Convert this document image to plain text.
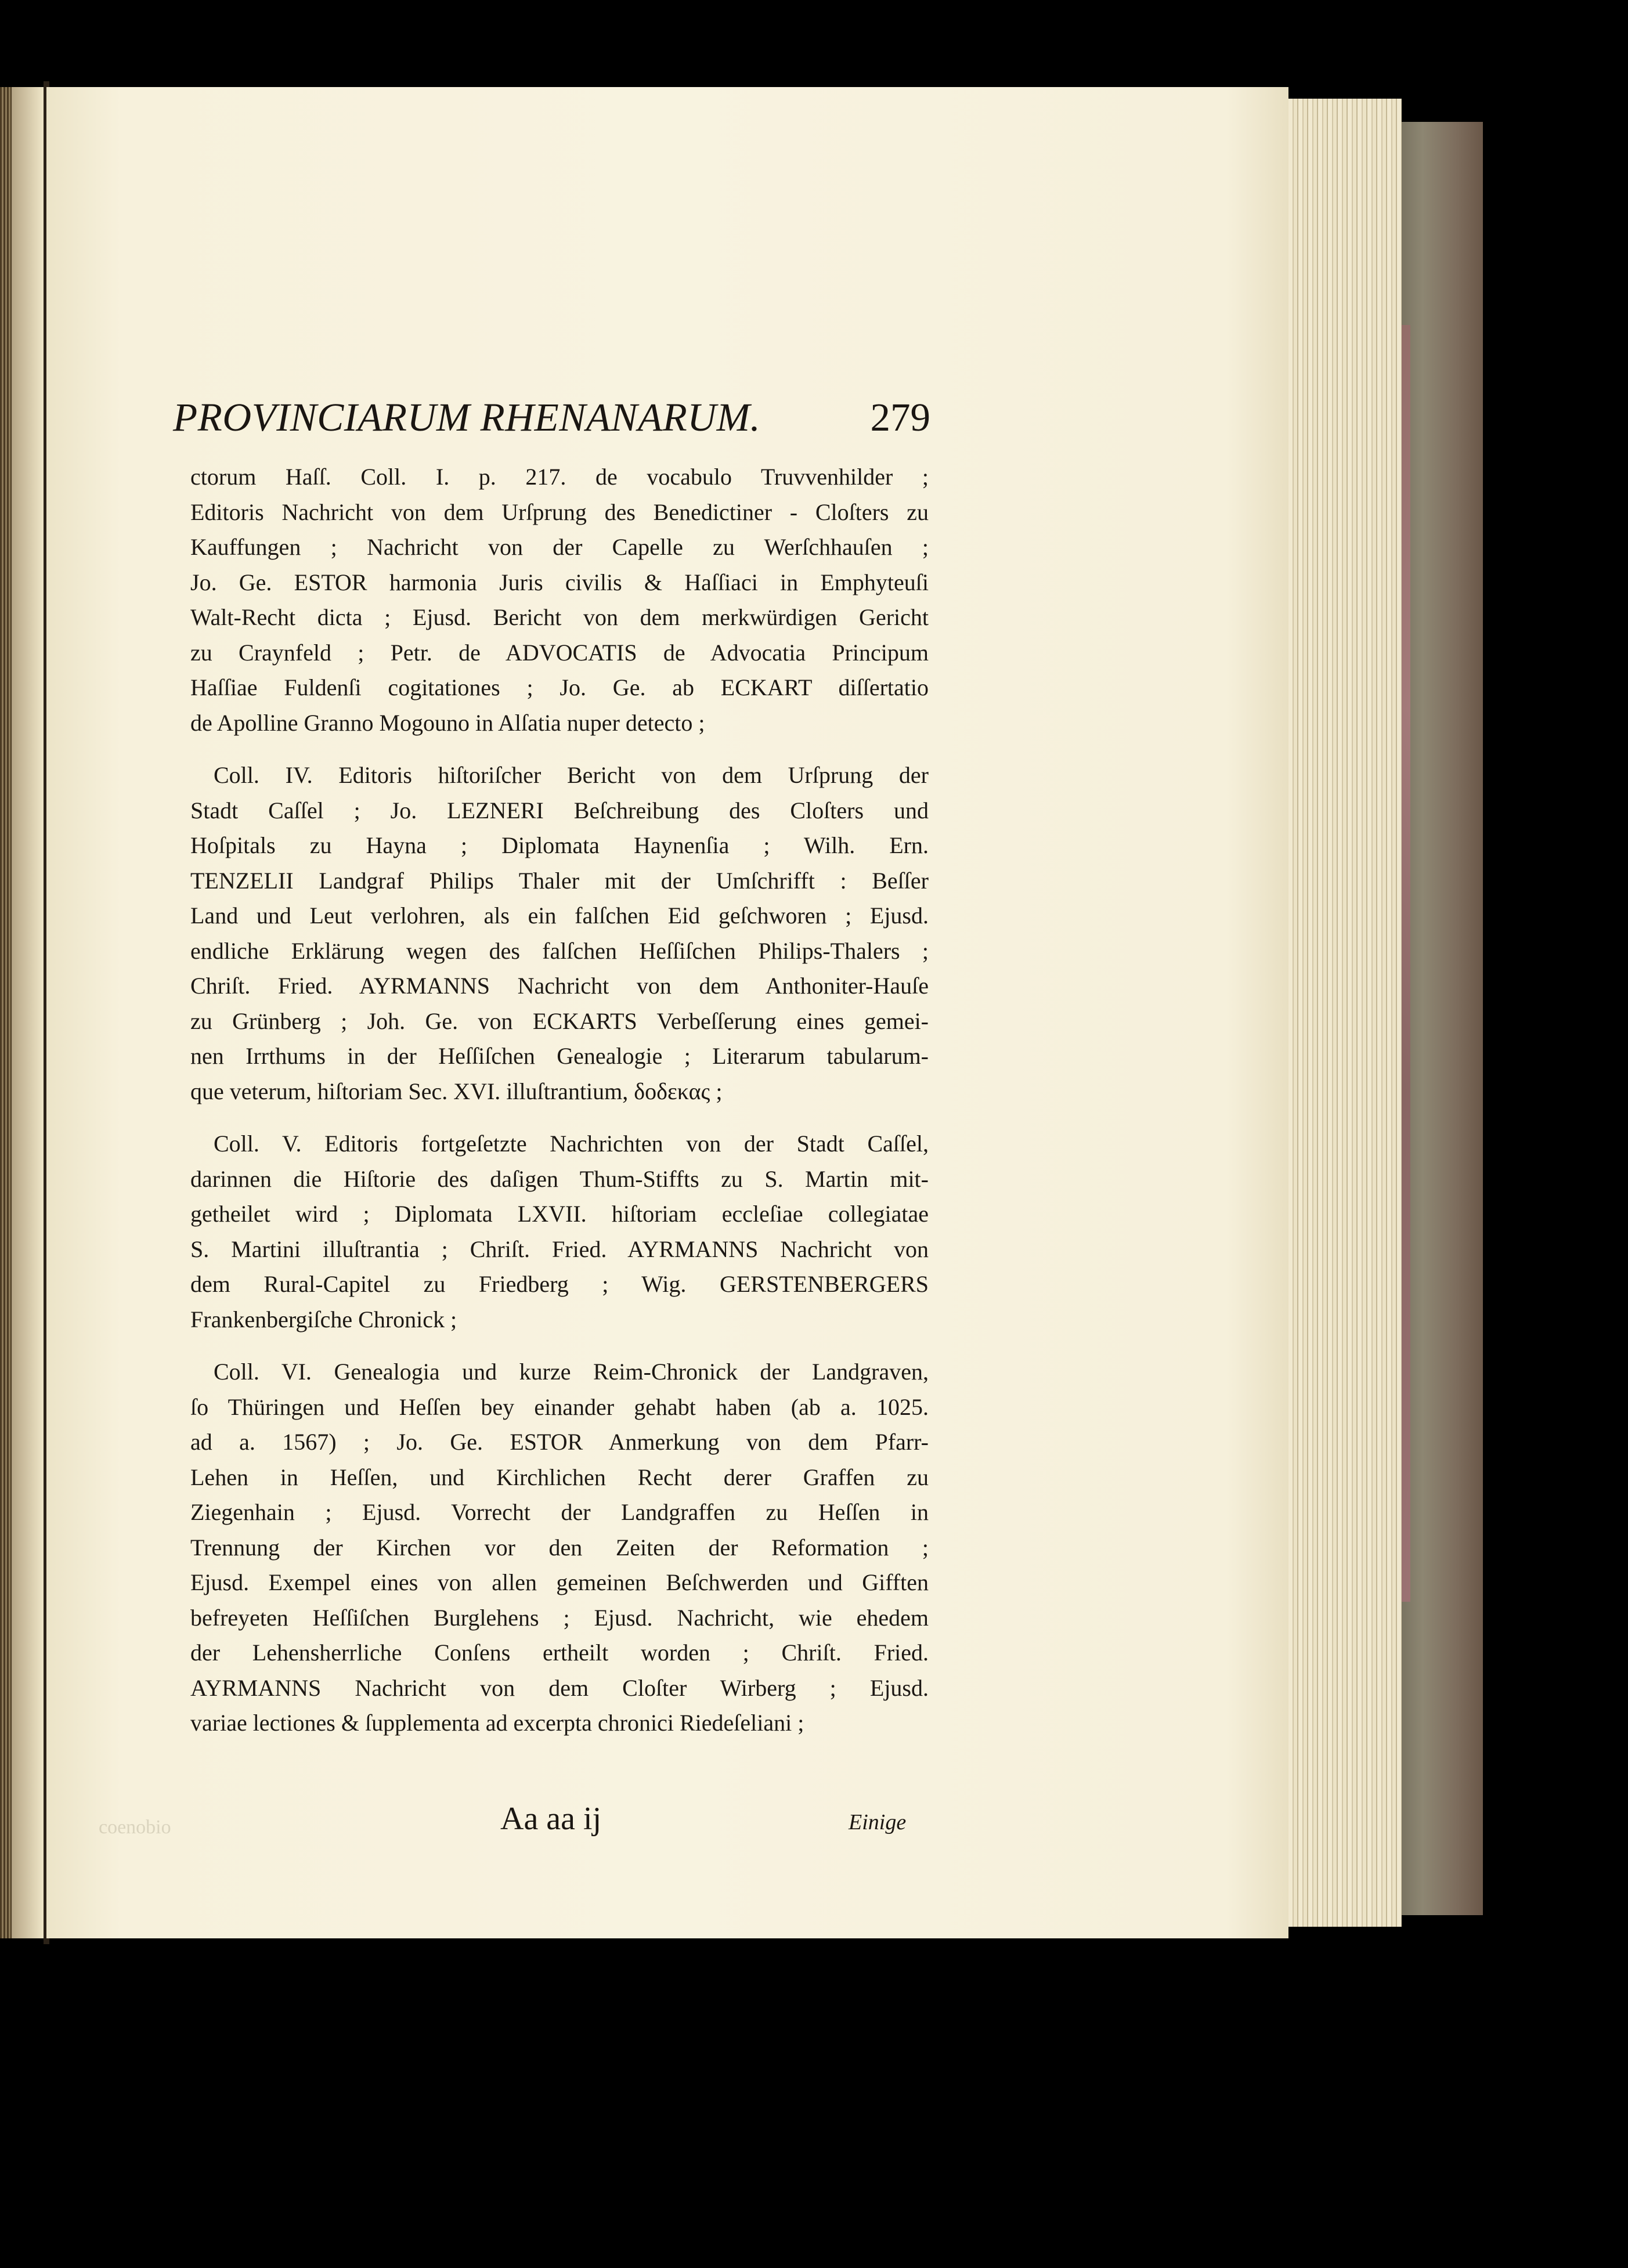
coenobio
PROVINCIARUM RHENANARUM.	279
ctorum Haſſ. Coll. I. p. 217. de vocabulo Truvvenhilder ;
Editoris Nachricht von dem Urſprung des Benedictiner - Cloſters zu
Kauffungen ; Nachricht von der Capelle zu Werſchhauſen ;
Jo. Ge. ESTOR harmonia Juris civilis & Haſſiaci in Emphyteuſi
Walt-Recht dicta ; Ejusd. Bericht von dem merkwürdigen Gericht
zu Craynfeld ; Petr. de ADVOCATIS de Advocatia Principum
Haſſiae Fuldenſi cogitationes ; Jo. Ge. ab ECKART diſſertatio
de Apolline Granno Mogouno in Alſatia nuper detecto ;
Coll. IV. Editoris hiſtoriſcher Bericht von dem Urſprung der
Stadt Caſſel ; Jo. LEZNERI Beſchreibung des Cloſters und
Hoſpitals zu Hayna ; Diplomata Haynenſia ; Wilh. Ern.
TENZELII Landgraf Philips Thaler mit der Umſchrifft : Beſſer
Land und Leut verlohren, als ein falſchen Eid geſchworen ; Ejusd.
endliche Erklärung wegen des falſchen Heſſiſchen Philips-Thalers ;
Chriſt. Fried. AYRMANNS Nachricht von dem Anthoniter-Hauſe
zu Grünberg ; Joh. Ge. von ECKARTS Verbeſſerung eines gemei-
nen Irrthums in der Heſſiſchen Genealogie ; Literarum tabularum-
que veterum, hiſtoriam Sec. XVI. illuſtrantium, δοδεκας ;
Coll. V. Editoris fortgeſetzte Nachrichten von der Stadt Caſſel,
darinnen die Hiſtorie des daſigen Thum-Stiffts zu S. Martin mit-
getheilet wird ; Diplomata LXVII. hiſtoriam eccleſiae collegiatae
S. Martini illuſtrantia ; Chriſt. Fried. AYRMANNS Nachricht von
dem Rural-Capitel zu Friedberg ; Wig. GERSTENBERGERS
Frankenbergiſche Chronick ;
Coll. VI. Genealogia und kurze Reim-Chronick der Landgraven,
ſo Thüringen und Heſſen bey einander gehabt haben (ab a. 1025.
ad a. 1567) ; Jo. Ge. ESTOR Anmerkung von dem Pfarr-
Lehen in Heſſen, und Kirchlichen Recht derer Graffen zu
Ziegenhain ; Ejusd. Vorrecht der Landgraffen zu Heſſen in
Trennung der Kirchen vor den Zeiten der Reformation ;
Ejusd. Exempel eines von allen gemeinen Beſchwerden und Gifften
befreyeten Heſſiſchen Burglehens ; Ejusd. Nachricht, wie ehedem
der Lehensherrliche Conſens ertheilt worden ; Chriſt. Fried.
AYRMANNS Nachricht von dem Cloſter Wirberg ; Ejusd.
variae lectiones & ſupplementa ad excerpta chronici Riedeſeliani ;
Aa aa ij	Einige
